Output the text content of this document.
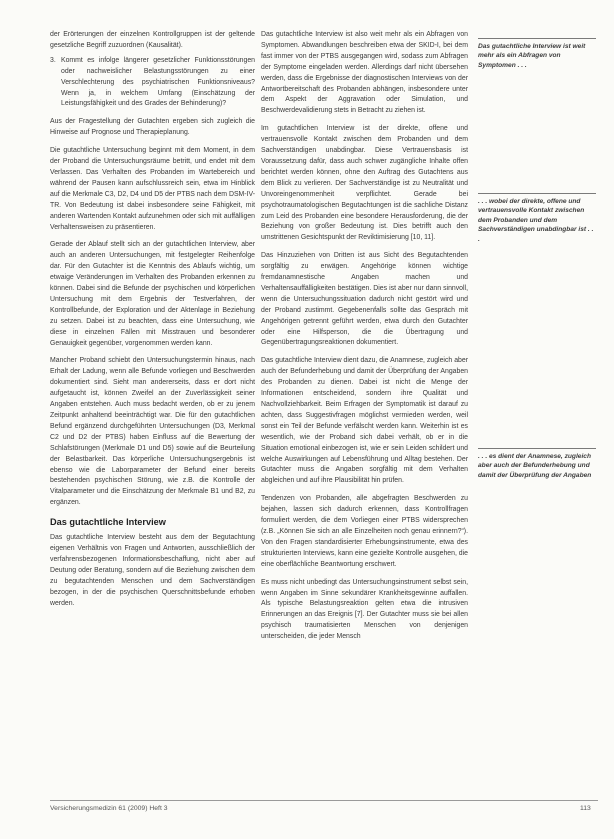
der Erörterungen der einzelnen Kontrollgruppen ist der geltende gesetzliche Begriff zuzuordnen (Kausalität).

3. Kommt es infolge längerer gesetzlicher Funktionsstörungen oder nachweislicher Belastungsstörungen zu einer Verschlechterung des psychiatrischen Funktionsniveaus? Wenn ja, in welchem Umfang (Einschätzung der Leistungsfähigkeit und des Grades der Behinderung)?

Aus der Fragestellung der Gutachten ergeben sich zugleich die Hinweise auf Prognose und Therapieplanung.

Die gutachtliche Untersuchung beginnt mit dem Moment, in dem der Proband die Untersuchungsräume betritt, und endet mit dem Verlassen. Das Verhalten des Probanden im Wartebereich und während der Pausen kann aufschlussreich sein, etwa im Hinblick auf die Merkmale C3, D2, D4 und D5 der PTBS nach dem DSM-IV-TR. Von Bedeutung ist dabei insbesondere seine Fähigkeit, mit anderen Wartenden Kontakt aufzunehmen oder sich mit auffälligen Verhaltensweisen zu präsentieren.

Gerade der Ablauf stellt sich an der gutachtlichen Interview, aber auch an anderen Untersuchungen, mit festgelegter Reihenfolge dar. Für den Gutachter ist die Kenntnis des Ablaufs wichtig, um etwaige Veränderungen im Verhalten des Probanden erkennen zu können. Dabei sind die Befunde der psychischen und körperlichen Untersuchung mit dem Ergebnis der Testverfahren, der Kontrollbefunde, der Exploration und der Aktenlage in Beziehung zu setzen. Dabei ist zu beachten, dass eine Untersuchung, wie diese in einzelnen Fällen mit Misstrauen und besonderer Genauigkeit gegenüber, vorgenommen werden kann.

Mancher Proband schiebt den Untersuchungstermin hinaus, nach Erhalt der Ladung, wenn alle Befunde vorliegen und Beschwerden dokumentiert sind. Sieht man andererseits, dass er dort nicht aufgetaucht ist, können Zweifel an der Zuverlässigkeit seiner Angaben entstehen. Auch muss bedacht werden, ob er zu jenem Zeitpunkt anhaltend beeinträchtigt war. Die für den gutachtlichen Befund ergänzend durchgeführten Untersuchungen (D3, Merkmal C2 und D2 der PTBS) haben Einfluss auf die Bewertung der Schlafstörungen (Merkmale D1 und D5) sowie auf die Beurteilung der Belastbarkeit. Das körperliche Untersuchungsergebnis ist ebenso wie die Laborparameter der Befund einer bereits bestehenden psychischen Störung, wie z.B. die Kontrolle der Vitalparameter und die Einschätzung der Merkmale B1 und B2, zu ergänzen.

Das gutachtliche Interview

Das gutachtliche Interview besteht aus dem der Begutachtung eigenen Verhältnis von Fragen und Antworten, ausschließlich der verfahrensbezogenen Informationsbeschaffung, nicht aber auf Deutung oder Beratung, sondern auf die Beziehung zwischen dem zu begutachtenden Menschen und dem Sachverständigen bezogen, in der die psychischen Querschnittsbefunde erhoben werden.

Das gutachtliche Interview ist also weit mehr als ein Abfragen von Symptomen. Abwandlungen beschreiben etwa der SKID-I, bei dem fast immer von der PTBS ausgegangen wird, sodass zum Abfragen der Symptome eingeladen werden. Allerdings darf nicht übersehen werden, dass die Ergebnisse der diagnostischen Interviews von der Antwortbereitschaft des Probanden abhängen, insbesondere unter dem Aspekt der Aggravation oder Simulation, und Beschwerdevalidierung stets in Betracht zu ziehen ist.

Im gutachtlichen Interview ist der direkte, offene und vertrauensvolle Kontakt zwischen dem Probanden und dem Sachverständigen unabdingbar. Diese Vertrauensbasis ist Voraussetzung dafür, dass auch schwer zugängliche Inhalte offen berichtet werden können, ohne den Auftrag des Gutachtens aus dem Blick zu verlieren. Der Sachverständige ist zu Neutralität und Unvoreingenommenheit verpflichtet. Gerade bei psychotraumatologischen Begutachtungen ist die sachliche Distanz zum Leid des Probanden eine besondere Herausforderung, die der Beziehung von großer Bedeutung ist. Dies betrifft auch den umstrittenen Gesichtspunkt der Reviktimisierung [10, 11].

Das Hinzuziehen von Dritten ist aus Sicht des Begutachtenden sorgfältig zu erwägen. Angehörige können wichtige fremdanamnestische Angaben machen und Verhaltensauffälligkeiten bestätigen. Dies ist aber nur dann sinnvoll, wenn die Untersuchungssituation dadurch nicht gestört wird und der Proband zustimmt. Gegebenenfalls sollte das Gespräch mit Angehörigen getrennt geführt werden, etwa durch den Gutachter oder eine Hilfsperson, die die Übertragung und Gegenübertragungsreaktionen dokumentiert.

Das gutachtliche Interview dient dazu, die Anamnese, zugleich aber auch der Befunderhebung und damit der Überprüfung der Angaben des Probanden zu dienen. Dabei ist nicht die Menge der Informationen entscheidend, sondern ihre Qualität und Nachvollziehbarkeit. Beim Erfragen der Symptomatik ist darauf zu achten, dass Suggestivfragen möglichst vermieden werden, weil sonst ein Teil der Befunde verfälscht werden kann. Weiterhin ist es wesentlich, wie der Proband sich dabei verhält, ob er in die Situation emotional einbezogen ist, wie er sein Leiden schildert und welche Auswirkungen auf Lebensführung und Alltag bestehen. Der Gutachter muss die Angaben sorgfältig mit dem Verhalten abgleichen und auf ihre Plausibilität hin prüfen.

Tendenzen von Probanden, alle abgefragten Beschwerden zu bejahen, lassen sich dadurch erkennen, dass Kontrollfragen formuliert werden, die dem Vorliegen einer PTBS widersprechen (z.B. „Können Sie sich an alle Einzelheiten noch genau erinnern?“). Von den Fragen standardisierter Erhebungsinstrumente, etwa des strukturierten Interviews, kann eine gezielte Kontrolle ausgehen, die eine oberflächliche Beantwortung erschwert.

Es muss nicht unbedingt das Untersuchungsinstrument selbst sein, wenn Angaben im Sinne sekundärer Krankheitsgewinne auffallen. Als typische Belastungsreaktion gelten etwa die intrusiven Erinnerungen an das Ereignis [7]. Der Gutachter muss sie bei allen psychisch traumatisierten Menschen von denjenigen unterscheiden, die jeder Mensch

Das gutachtliche Interview ist weit mehr als ein Abfragen von Symptomen . . .
. . . wobei der direkte, offene und vertrauensvolle Kontakt zwischen dem Probanden und dem Sachverständigen unabdingbar ist . . .
. . . es dient der Anamnese, zugleich aber auch der Befunderhebung und damit der Überprüfung der Angaben
Versicherungsmedizin 61 (2009) Heft 3	113
